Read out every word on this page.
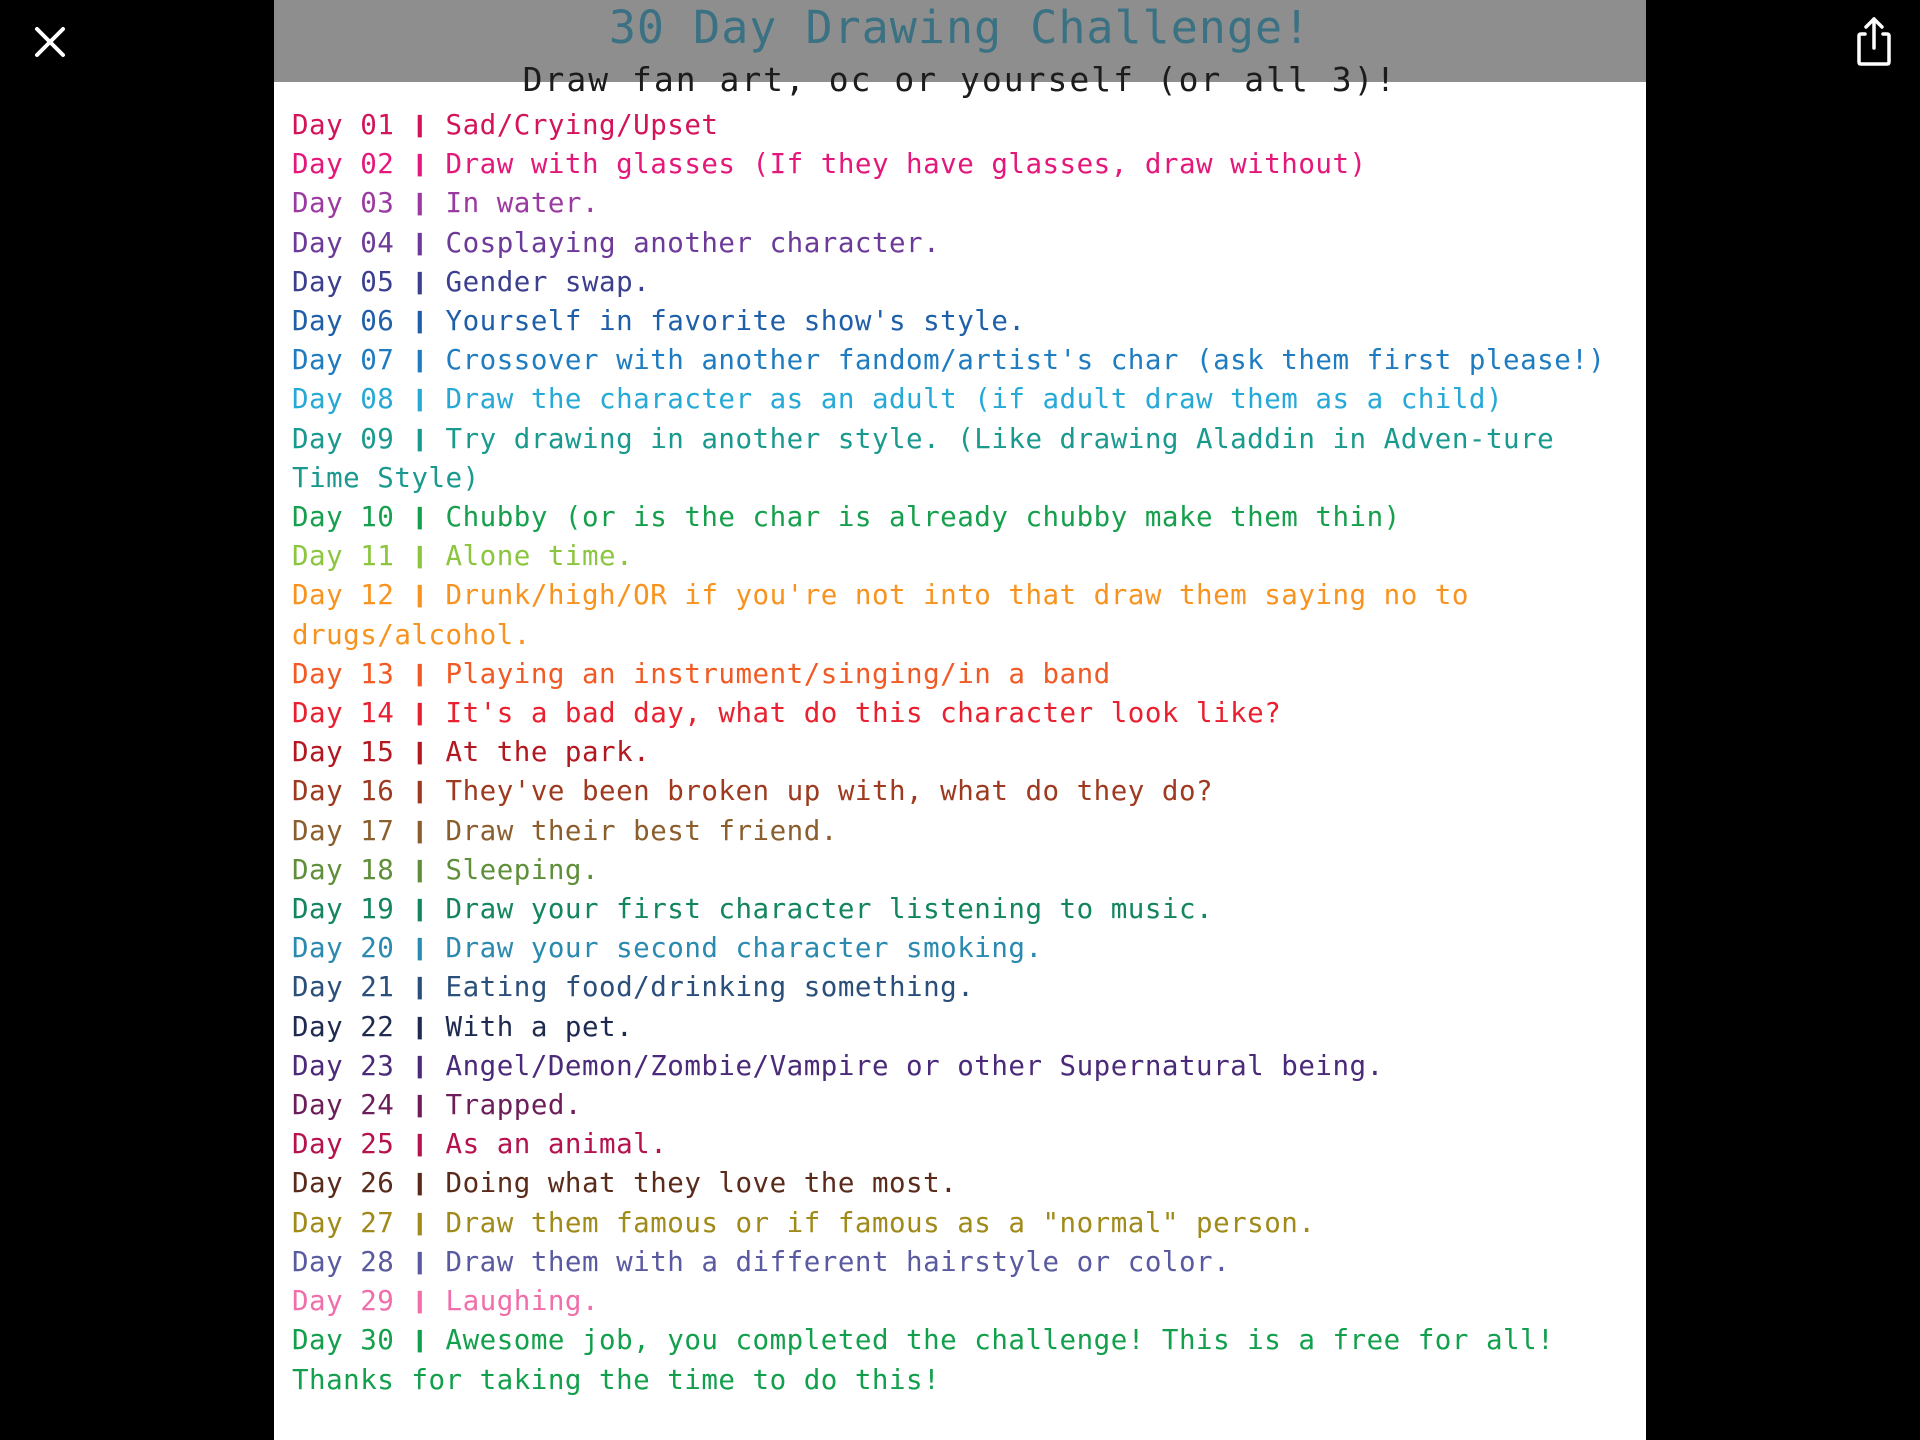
30 Day Drawing Challenge!
Draw fan art, oc or yourself (or all 3)!
Day 01 ❙ Sad/Crying/Upset
Day 02 ❙ Draw with glasses (If they have glasses, draw without)
Day 03 ❙ In water.
Day 04 ❙ Cosplaying another character.
Day 05 ❙ Gender swap.
Day 06 ❙ Yourself in favorite show's style.
Day 07 ❙ Crossover with another fandom/artist's char (ask them first please!)
Day 08 ❙ Draw the character as an adult (if adult draw them as a child)
Day 09 ❙ Try drawing in another style. (Like drawing Aladdin in Adven-ture Time Style)
Day 10 ❙ Chubby (or is the char is already chubby make them thin)
Day 11 ❙ Alone time.
Day 12 ❙ Drunk/high/OR if you're not into that draw them saying no to drugs/alcohol.
Day 13 ❙ Playing an instrument/singing/in a band
Day 14 ❙ It's a bad day, what do this character look like?
Day 15 ❙ At the park.
Day 16 ❙ They've been broken up with, what do they do?
Day 17 ❙ Draw their best friend.
Day 18 ❙ Sleeping.
Day 19 ❙ Draw your first character listening to music.
Day 20 ❙ Draw your second character smoking.
Day 21 ❙ Eating food/drinking something.
Day 22 ❙ With a pet.
Day 23 ❙ Angel/Demon/Zombie/Vampire or other Supernatural being.
Day 24 ❙ Trapped.
Day 25 ❙ As an animal.
Day 26 ❙ Doing what they love the most.
Day 27 ❙ Draw them famous or if famous as a "normal" person.
Day 28 ❙ Draw them with a different hairstyle or color.
Day 29 ❙ Laughing.
Day 30 ❙ Awesome job, you completed the challenge! This is a free for all! Thanks for taking the time to do this!
